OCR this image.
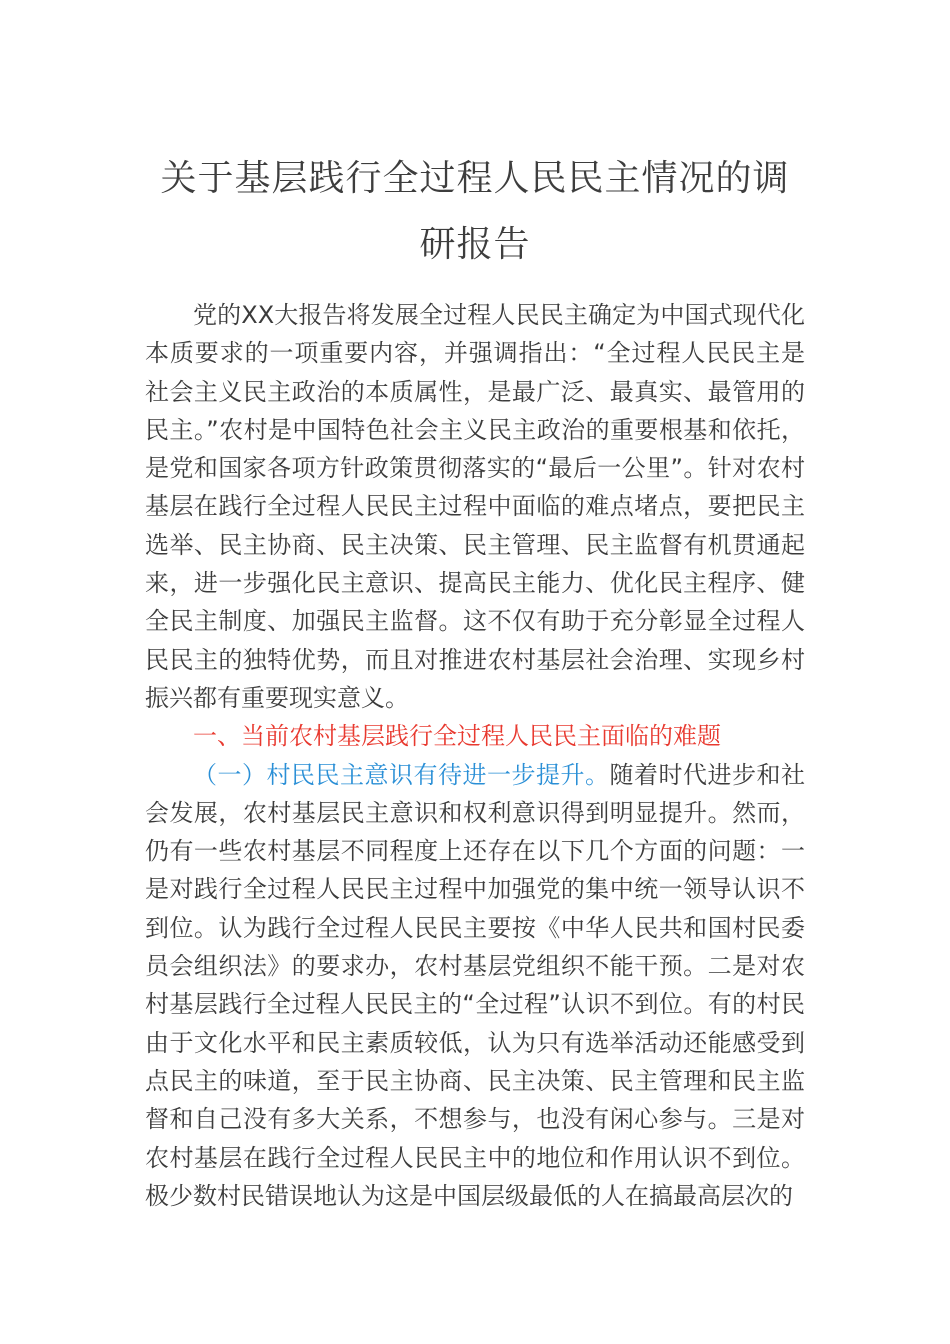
关于基层践行全过程人民民主情况的调研报告

党的XX大报告将发展全过程人民民主确定为中国式现代化本质要求的一项重要内容，并强调指出：“全过程人民民主是社会主义民主政治的本质属性，是最广泛、最真实、最管用的民主。”农村是中国特色社会主义民主政治的重要根基和依托，是党和国家各项方针政策贯彻落实的“最后一公里”。针对农村基层在践行全过程人民民主过程中面临的难点堵点，要把民主选举、民主协商、民主决策、民主管理、民主监督有机贯通起来，进一步强化民主意识、提高民主能力、优化民主程序、健全民主制度、加强民主监督。这不仅有助于充分彰显全过程人民民主的独特优势，而且对推进农村基层社会治理、实现乡村振兴都有重要现实意义。

一、当前农村基层践行全过程人民民主面临的难题

（一）村民民主意识有待进一步提升。随着时代进步和社会发展，农村基层民主意识和权利意识得到明显提升。然而，仍有一些农村基层不同程度上还存在以下几个方面的问题：一是对践行全过程人民民主过程中加强党的集中统一领导认识不到位。认为践行全过程人民民主要按《中华人民共和国村民委员会组织法》的要求办，农村基层党组织不能干预。二是对农村基层践行全过程人民民主的“全过程”认识不到位。有的村民由于文化水平和民主素质较低，认为只有选举活动还能感受到点民主的味道，至于民主协商、民主决策、民主管理和民主监督和自己没有多大关系，不想参与，也没有闲心参与。三是对农村基层在践行全过程人民民主中的地位和作用认识不到位。极少数村民错误地认为这是中国层级最低的人在搞最高层次的
